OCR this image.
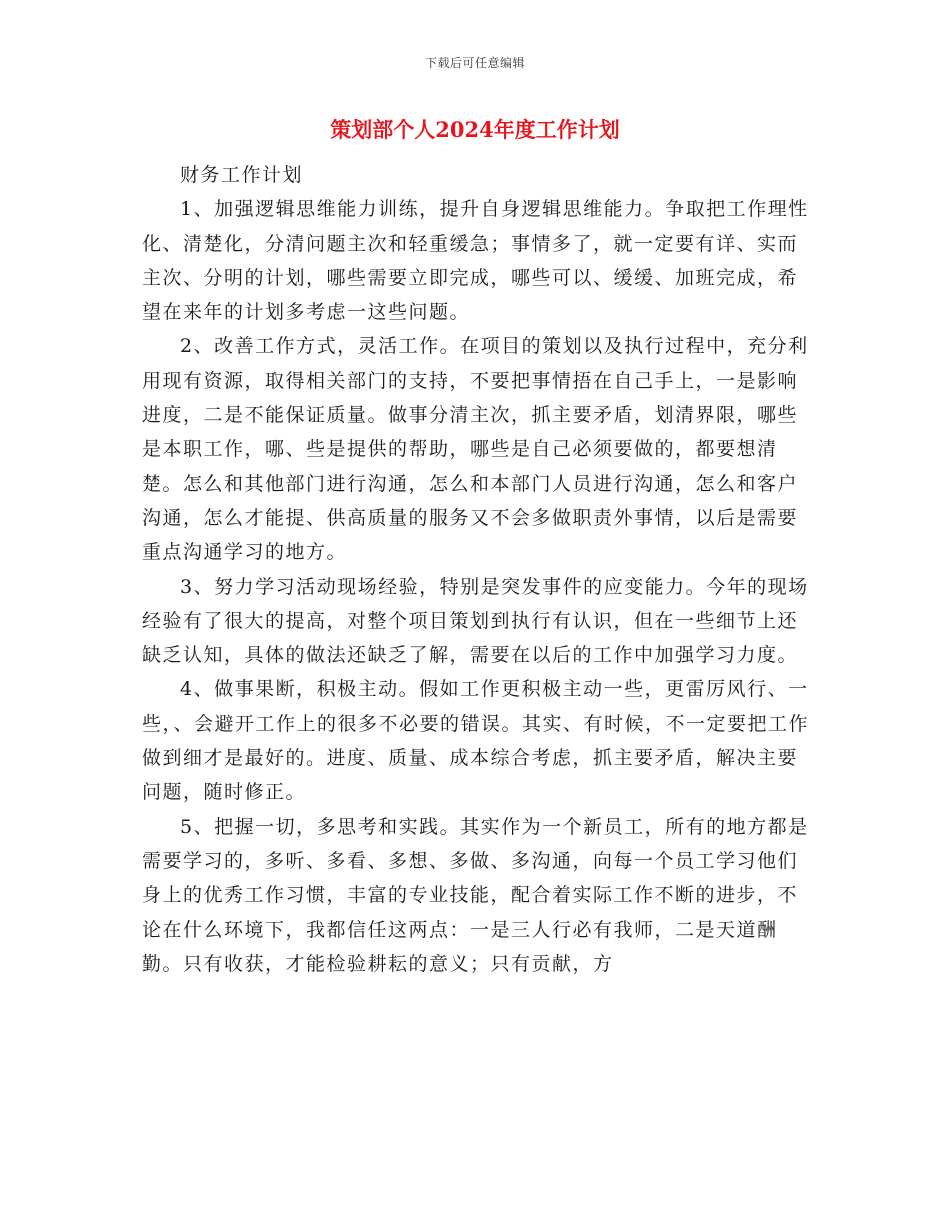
下载后可任意编辑
策划部个人2024年度工作计划

财务工作计划

1、加强逻辑思维能力训练，提升自身逻辑思维能力。争取把工作理性化、清楚化，分清问题主次和轻重缓急；事情多了，就一定要有详、实而主次、分明的计划，哪些需要立即完成，哪些可以、缓缓、加班完成，希望在来年的计划多考虑一这些问题。

2、改善工作方式，灵活工作。在项目的策划以及执行过程中，充分利用现有资源，取得相关部门的支持，不要把事情捂在自己手上，一是影响进度，二是不能保证质量。做事分清主次，抓主要矛盾，划清界限，哪些是本职工作，哪、些是提供的帮助，哪些是自己必须要做的，都要想清楚。怎么和其他部门进行沟通，怎么和本部门人员进行沟通，怎么和客户沟通，怎么才能提、供高质量的服务又不会多做职责外事情，以后是需要重点沟通学习的地方。

3、努力学习活动现场经验，特别是突发事件的应变能力。今年的现场经验有了很大的提高，对整个项目策划到执行有认识，但在一些细节上还缺乏认知，具体的做法还缺乏了解，需要在以后的工作中加强学习力度。

4、做事果断，积极主动。假如工作更积极主动一些，更雷厉风行、一些，、会避开工作上的很多不必要的错误。其实、有时候，不一定要把工作做到细才是最好的。进度、质量、成本综合考虑，抓主要矛盾，解决主要问题，随时修正。

5、把握一切，多思考和实践。其实作为一个新员工，所有的地方都是需要学习的，多听、多看、多想、多做、多沟通，向每一个员工学习他们身上的优秀工作习惯，丰富的专业技能，配合着实际工作不断的进步，不论在什么环境下，我都信任这两点：一是三人行必有我师，二是天道酬勤。只有收获，才能检验耕耘的意义；只有贡献，方
